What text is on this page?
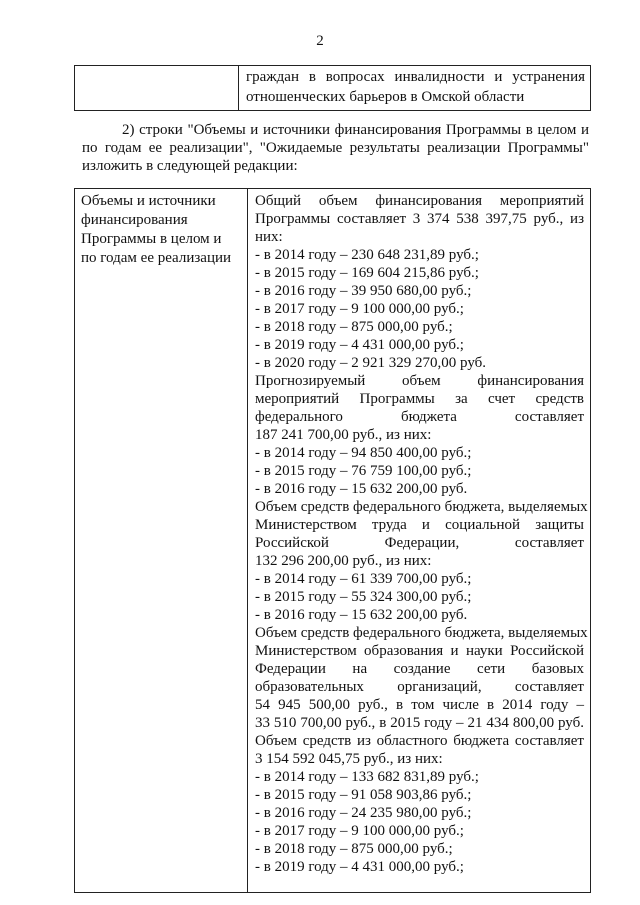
2

граждан в вопросах инвалидности и устранения
отношенческих барьеров в Омской области
2) строки "Объемы и источники финансирования Программы в целом и
по годам ее реализации", "Ожидаемые результаты реализации Программы"
изложить в следующей редакции:
Объемы и источники
финансирования
Программы в целом и
по годам ее реализации

Общий объем финансирования мероприятий
Программы составляет 3 374 538 397,75 руб., из
них:
- в 2014 году – 230 648 231,89 руб.;
- в 2015 году – 169 604 215,86 руб.;
- в 2016 году – 39 950 680,00 руб.;
- в 2017 году – 9 100 000,00 руб.;
- в 2018 году – 875 000,00 руб.;
- в 2019 году – 4 431 000,00 руб.;
- в 2020 году – 2 921 329 270,00 руб.
Прогнозируемый объем финансирования
мероприятий Программы за счет средств
федерального бюджета составляет
187 241 700,00 руб., из них:
- в 2014 году – 94 850 400,00 руб.;
- в 2015 году – 76 759 100,00 руб.;
- в 2016 году – 15 632 200,00 руб.
Объем средств федерального бюджета, выделяемых
Министерством труда и социальной защиты
Российской Федерации, составляет
132 296 200,00 руб., из них:
- в 2014 году – 61 339 700,00 руб.;
- в 2015 году – 55 324 300,00 руб.;
- в 2016 году – 15 632 200,00 руб.
Объем средств федерального бюджета, выделяемых
Министерством образования и науки Российской
Федерации на создание сети базовых
образовательных организаций, составляет
54 945 500,00 руб., в том числе в 2014 году –
33 510 700,00 руб., в 2015 году – 21 434 800,00 руб.
Объем средств из областного бюджета составляет
3 154 592 045,75 руб., из них:
- в 2014 году – 133 682 831,89 руб.;
- в 2015 году – 91 058 903,86 руб.;
- в 2016 году – 24 235 980,00 руб.;
- в 2017 году – 9 100 000,00 руб.;
- в 2018 году – 875 000,00 руб.;
- в 2019 году – 4 431 000,00 руб.;
